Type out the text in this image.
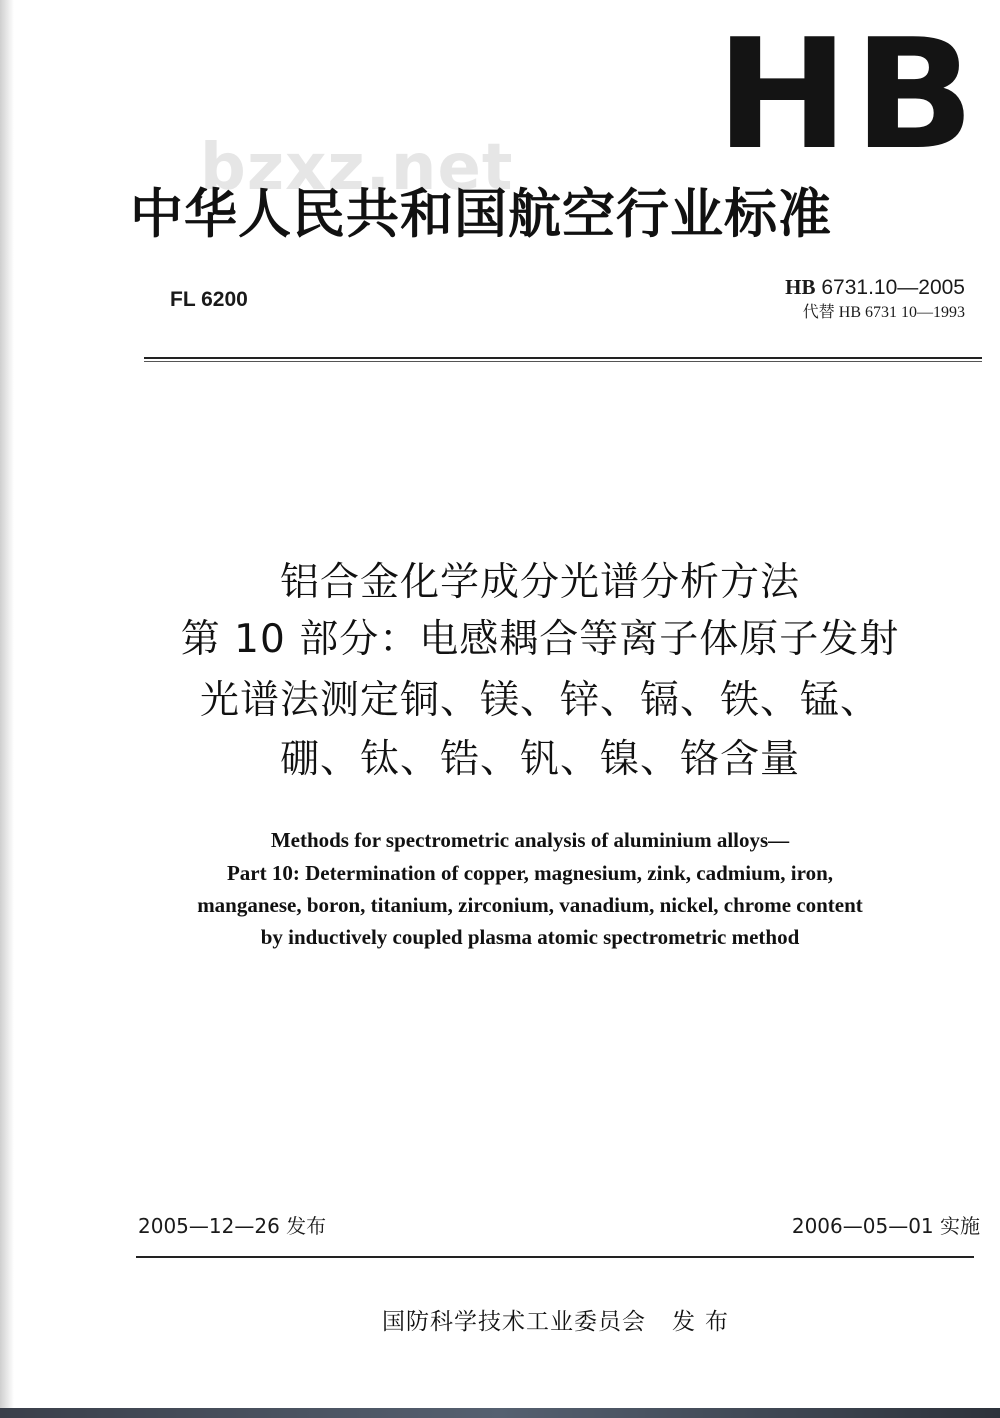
HB
bzxz.net
中华人民共和国航空行业标准
FL 6200
HB 6731.10—2005
代替 HB 6731 10—1993
铝合金化学成分光谱分析方法
第 10 部分：电感耦合等离子体原子发射
光谱法测定铜、镁、锌、镉、铁、锰、
硼、钛、锆、钒、镍、铬含量
Methods for spectrometric analysis of aluminium alloys—
Part 10: Determination of copper, magnesium, zink, cadmium, iron,
manganese, boron, titanium, zirconium, vanadium, nickel, chrome content
by inductively coupled plasma atomic spectrometric method
2005—12—26 发布	2006—05—01 实施
国防科学技术工业委员会 发布
